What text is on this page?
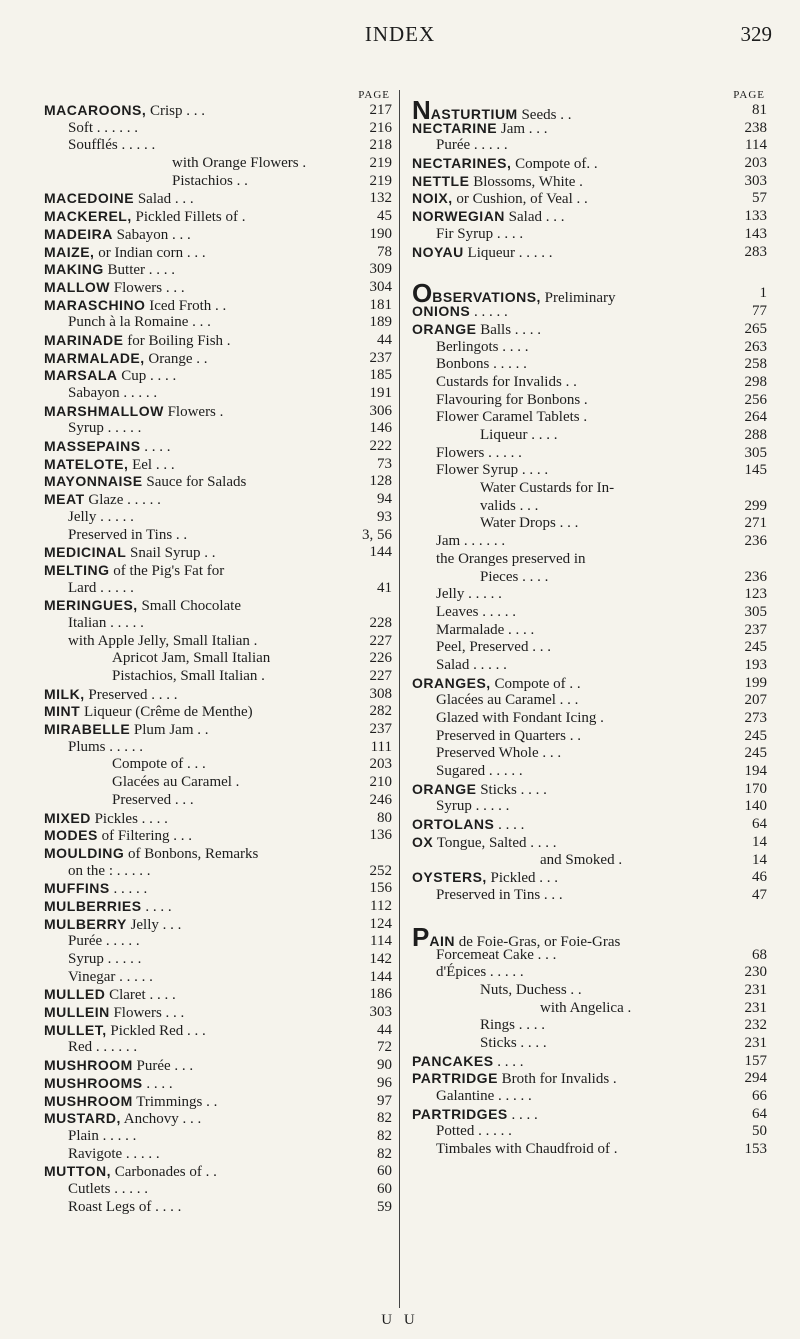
INDEX	329
PAGE
MACAROONS, Crisp . . .	217
Soft . . . . . .	216
Soufflés . . . . .	218
with Orange Flowers .	219
Pistachios . .	219
MACEDOINE Salad . . .	132
MACKEREL, Pickled Fillets of .	45
MADEIRA Sabayon . . .	190
MAIZE, or Indian corn . . .	78
MAKING Butter . . . .	309
MALLOW Flowers . . .	304
MARASCHINO Iced Froth . .	181
Punch à la Romaine . . .	189
MARINADE for Boiling Fish .	44
MARMALADE, Orange . .	237
MARSALA Cup . . . .	185
Sabayon . . . . .	191
MARSHMALLOW Flowers .	306
Syrup . . . . .	146
MASSEPAINS . . . .	222
MATELOTE, Eel . . .	73
MAYONNAISE Sauce for Salads	128
MEAT Glaze . . . . .	94
Jelly . . . . .	93
Preserved in Tins . .	3, 56
MEDICINAL Snail Syrup . .	144
MELTING of the Pig's Fat for
Lard . . . . .	41
MERINGUES, Small Chocolate
Italian . . . . .	228
with Apple Jelly, Small Italian .	227
Apricot Jam, Small Italian	226
Pistachios, Small Italian .	227
MILK, Preserved . . . .	308
MINT Liqueur (Crême de Menthe)	282
MIRABELLE Plum Jam . .	237
Plums . . . . .	111
Compote of . . .	203
Glacées au Caramel .	210
Preserved . . .	246
MIXED Pickles . . . .	80
MODES of Filtering . . .	136
MOULDING of Bonbons, Remarks
on the : . . . . .	252
MUFFINS . . . . .	156
MULBERRIES . . . .	112
MULBERRY Jelly . . .	124
Purée . . . . .	114
Syrup . . . . .	142
Vinegar . . . . .	144
MULLED Claret . . . .	186
MULLEIN Flowers . . .	303
MULLET, Pickled Red . . .	44
Red . . . . . .	72
MUSHROOM Purée . . .	90
MUSHROOMS . . . .	96
MUSHROOM Trimmings . .	97
MUSTARD, Anchovy . . .	82
Plain . . . . .	82
Ravigote . . . . .	82
MUTTON, Carbonades of . .	60
Cutlets . . . . .	60
Roast Legs of . . . .	59
PAGE
NASTURTIUM Seeds . .	81
NECTARINE Jam . . .	238
Purée . . . . .	114
NECTARINES, Compote of. .	203
NETTLE Blossoms, White .	303
NOIX, or Cushion, of Veal . .	57
NORWEGIAN Salad . . .	133
Fir Syrup . . . .	143
NOYAU Liqueur . . . . .	283
OBSERVATIONS, Preliminary	1
ONIONS . . . . .	77
ORANGE Balls . . . .	265
Berlingots . . . .	263
Bonbons . . . . .	258
Custards for Invalids . .	298
Flavouring for Bonbons .	256
Flower Caramel Tablets .	264
Liqueur . . . .	288
Flowers . . . . .	305
Flower Syrup . . . .	145
Water Custards for In-
valids . . .	299
Water Drops . . .	271
Jam . . . . . .	236
the Oranges preserved in
Pieces . . . .	236
Jelly . . . . .	123
Leaves . . . . .	305
Marmalade . . . .	237
Peel, Preserved . . .	245
Salad . . . . .	193
ORANGES, Compote of . .	199
Glacées au Caramel . . .	207
Glazed with Fondant Icing .	273
Preserved in Quarters . .	245
Preserved Whole . . .	245
Sugared . . . . .	194
ORANGE Sticks . . . .	170
Syrup . . . . .	140
ORTOLANS . . . .	64
OX Tongue, Salted . . . .	14
and Smoked .	14
OYSTERS, Pickled . . .	46
Preserved in Tins . . .	47
PAIN de Foie-Gras, or Foie-Gras
Forcemeat Cake . . .	68
d'Épices . . . . .	230
Nuts, Duchess . .	231
with Angelica .	231
Rings . . . .	232
Sticks . . . .	231
PANCAKES . . . .	157
PARTRIDGE Broth for Invalids .	294
Galantine . . . . .	66
PARTRIDGES . . . .	64
Potted . . . . .	50
Timbales with Chaudfroid of .	153
U U
